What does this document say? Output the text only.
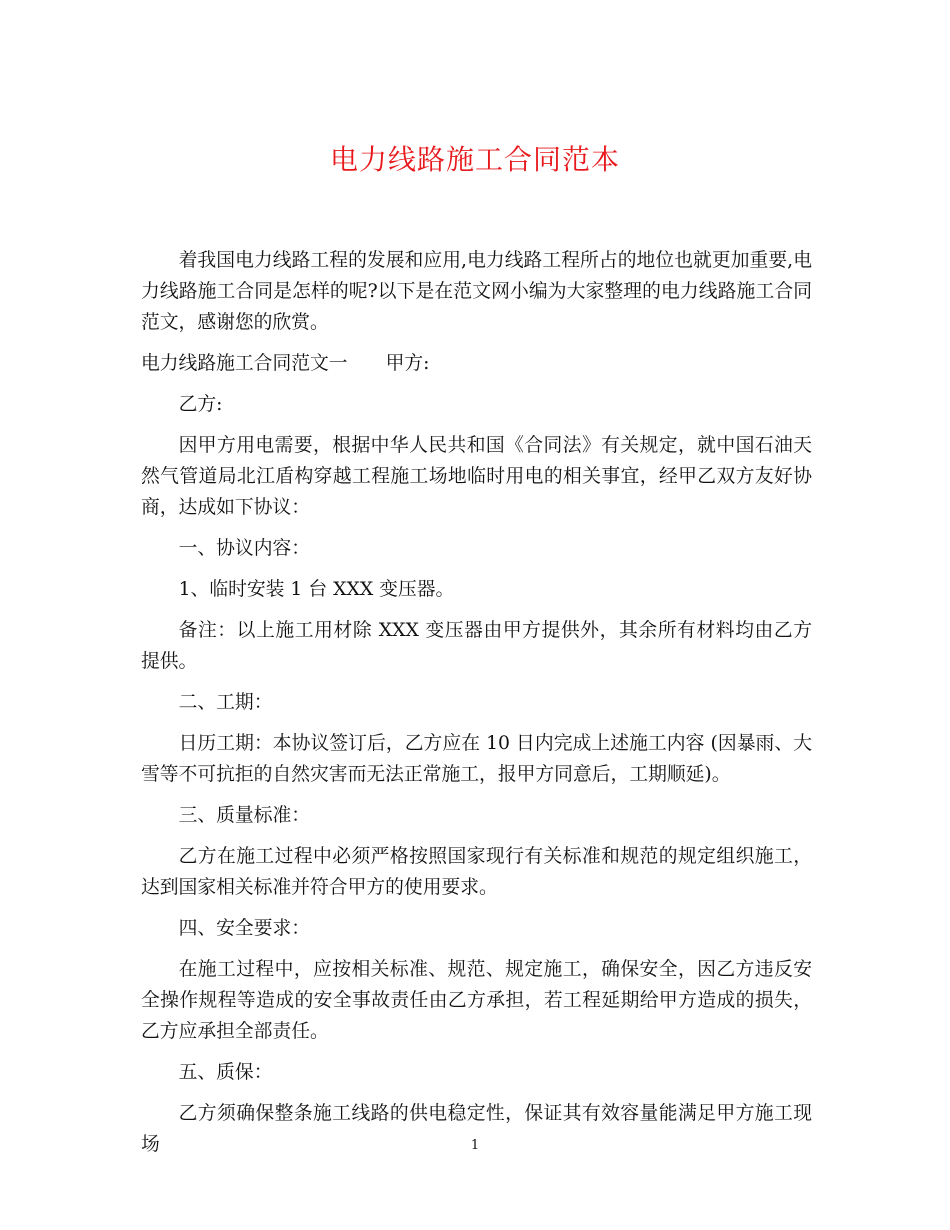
电力线路施工合同范本

着我国电力线路工程的发展和应用,电力线路工程所占的地位也就更加重要,电力线路施工合同是怎样的呢?以下是在范文网小编为大家整理的电力线路施工合同范文，感谢您的欣赏。

电力线路施工合同范文一 甲方:

乙方:

因甲方用电需要，根据中华人民共和国《合同法》有关规定，就中国石油天然气管道局北江盾构穿越工程施工场地临时用电的相关事宜，经甲乙双方友好协商，达成如下协议：

一、协议内容：

1、临时安装 1 台 XXX 变压器。

备注：以上施工用材除 XXX 变压器由甲方提供外，其余所有材料均由乙方提供。

二、工期：

日历工期：本协议签订后，乙方应在 10 日内完成上述施工内容 (因暴雨、大雪等不可抗拒的自然灾害而无法正常施工，报甲方同意后，工期顺延)。

三、质量标准：

乙方在施工过程中必须严格按照国家现行有关标准和规范的规定组织施工，达到国家相关标准并符合甲方的使用要求。

四、安全要求：

在施工过程中，应按相关标准、规范、规定施工，确保安全，因乙方违反安全操作规程等造成的安全事故责任由乙方承担，若工程延期给甲方造成的损失，乙方应承担全部责任。

五、质保：

乙方须确保整条施工线路的供电稳定性，保证其有效容量能满足甲方施工现场	1
